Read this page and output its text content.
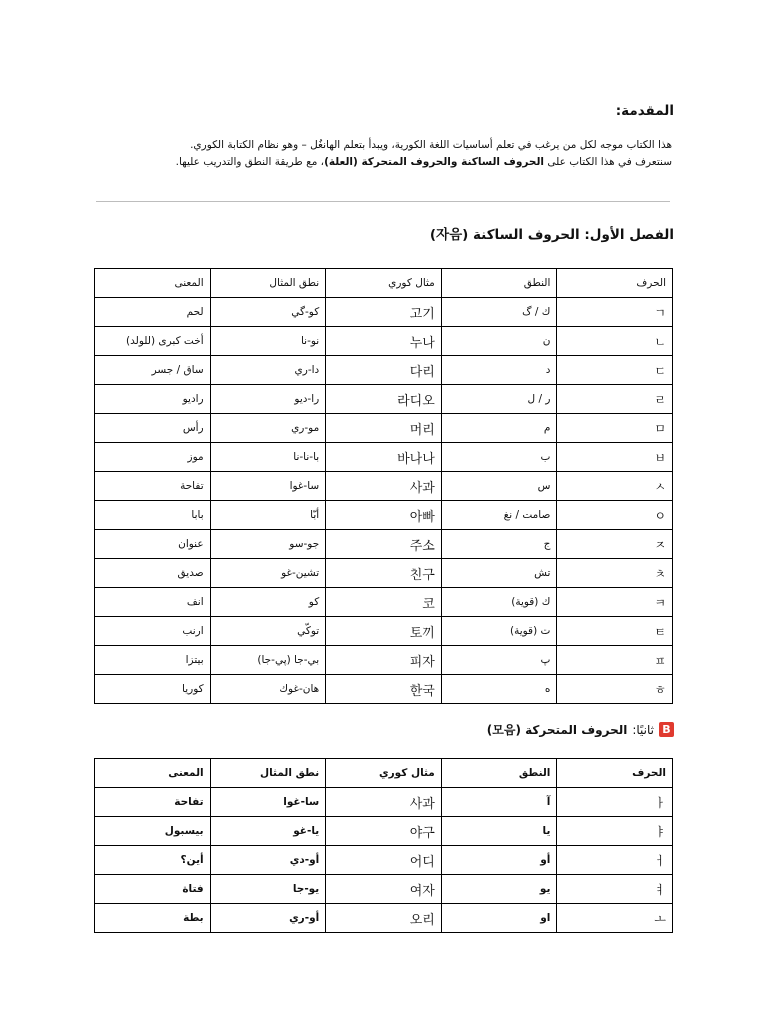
المقدمة:

هذا الكتاب موجه لكل من يرغب في تعلم أساسيات اللغة الكورية، ويبدأ بتعلم الهانغُل – وهو نظام الكتابة الكوري.

سنتعرف في هذا الكتاب على الحروف الساكنة والحروف المتحركة (العلة)، مع طريقة النطق والتدريب عليها.

الفصل الأول: الحروف الساكنة (자음)
الحرف	النطق	مثال كوري	نطق المثال	المعنى
ㄱ	ك / گ	고기	كو-گي	لحم
ㄴ	ن	누나	نو-نا	أخت كبرى (للولد)
ㄷ	د	다리	دا-ري	ساق / جسر
ㄹ	ر / ل	라디오	را-ديو	راديو
ㅁ	م	머리	مو-ري	رأس
ㅂ	ب	바나나	با-نا-نا	موز
ㅅ	س	사과	سا-غوا	تفاحة
ㅇ	صامت / نغ	아빠	أبّا	بابا
ㅈ	ج	주소	جو-سو	عنوان
ㅊ	تش	친구	تشين-غو	صديق
ㅋ	ك (قوية)	코	كو	انف
ㅌ	ت (قوية)	토끼	توكّي	ارنب
ㅍ	پ	피자	بي-جا (پي-جا)	بيتزا
ㅎ	ه	한국	هان-غوك	كوريا
B
ثانيًا:
الحروف المتحركة (모음)
الحرف	النطق	مثال كوري	نطق المثال	المعنى
ㅏ	آ	사과	سا-غوا	تفاحة
ㅑ	يا	야구	يا-غو	بيسبول
ㅓ	أو	어디	أو-دي	أين؟
ㅕ	يو	여자	يو-جا	فتاة
ㅗ	او	오리	أو-ري	بطة
